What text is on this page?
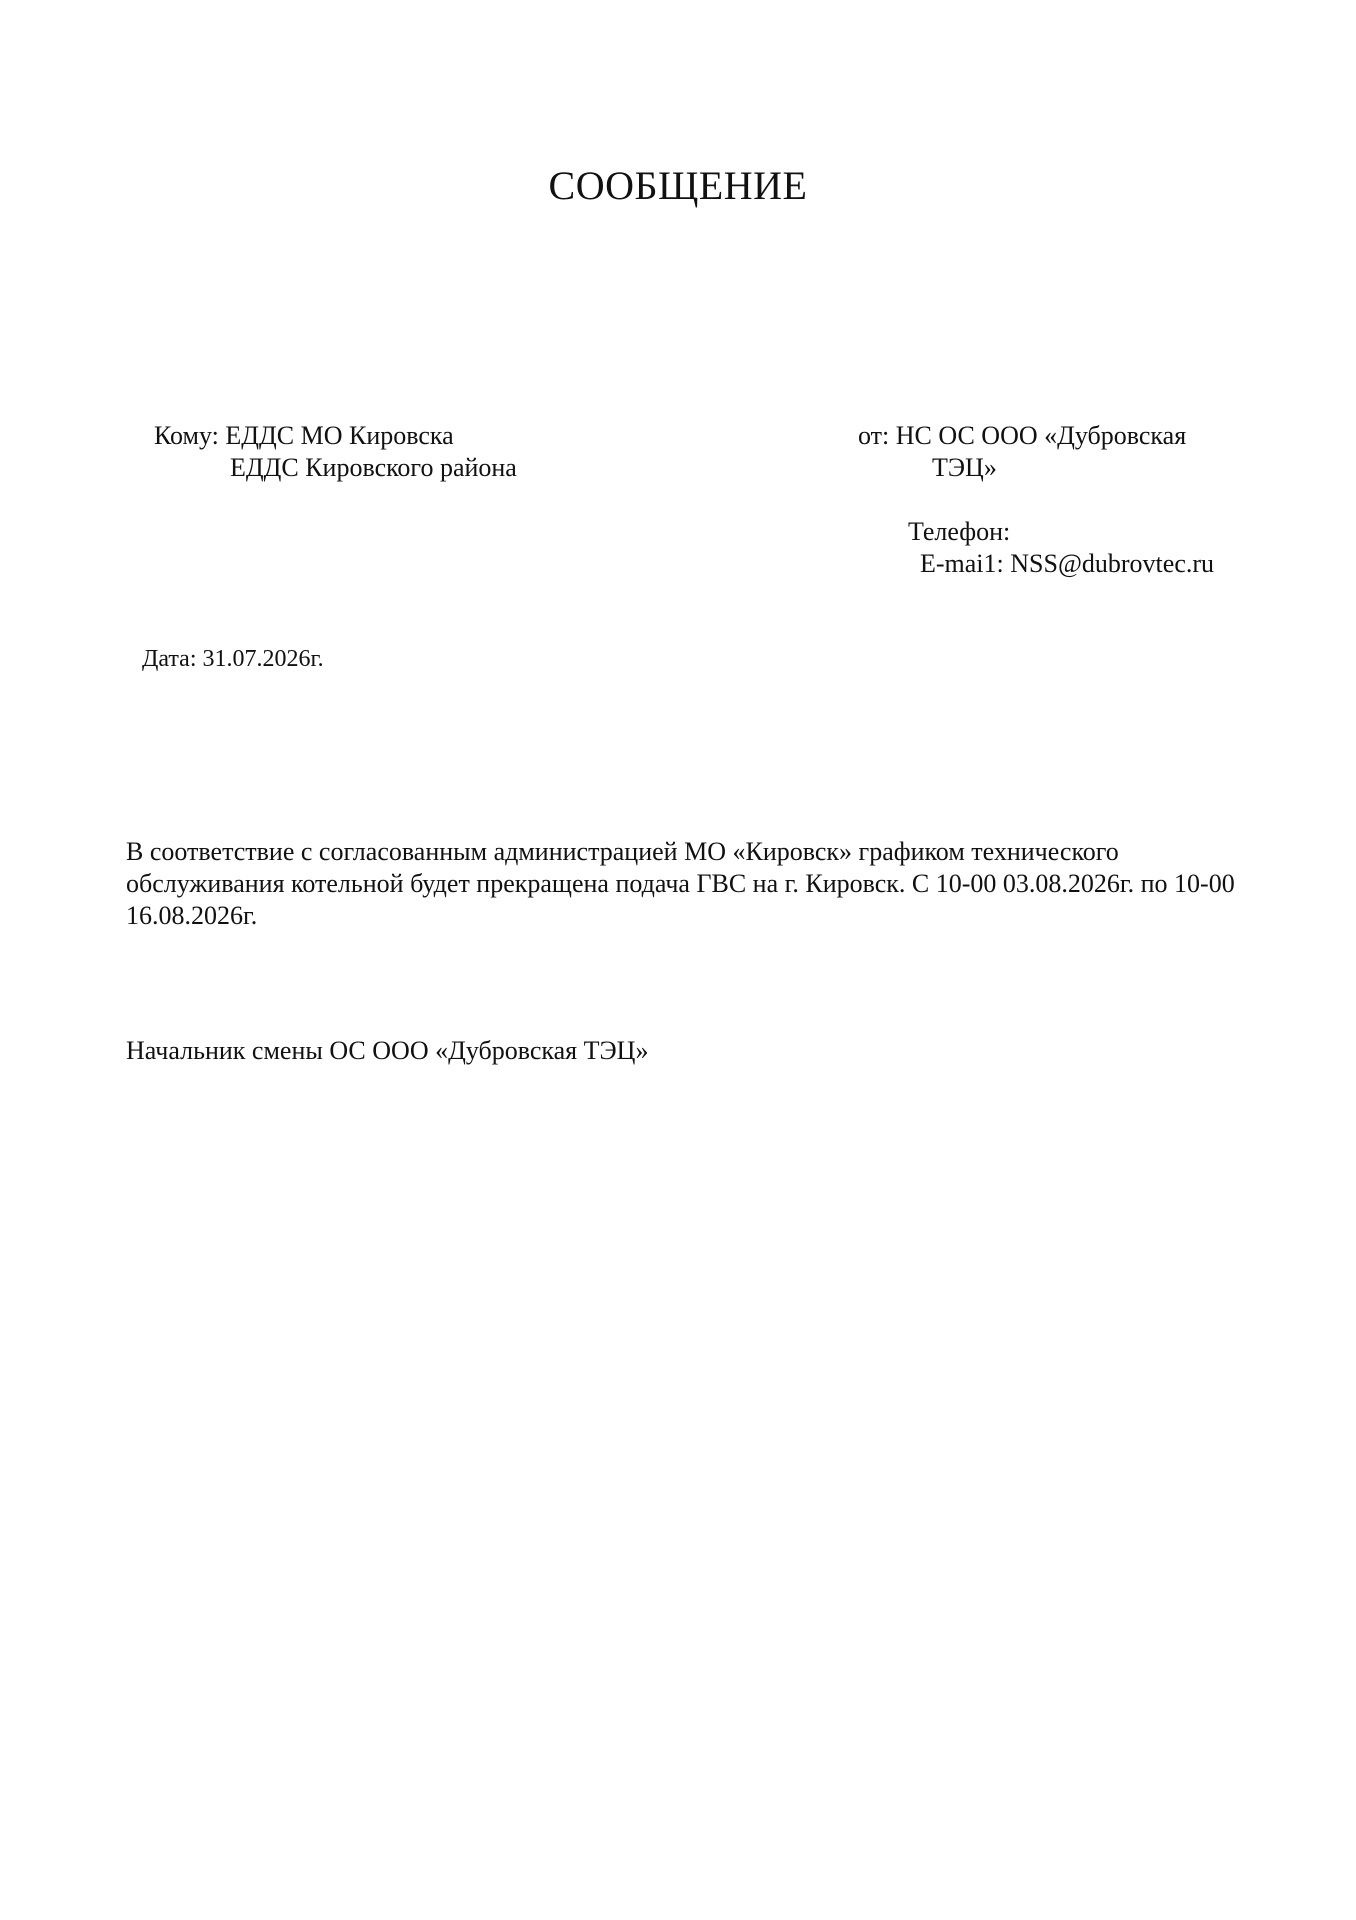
СООБЩЕНИЕ
Кому: ЕДДС МО Кировска
ЕДДС Кировского района
от: НС ОС ООО «Дубровская
ТЭЦ»
Телефон:
E-mai1: NSS@dubrovtec.ru
Дата: 31.07.2026г.
В соответствие с согласованным администрацией МО «Кировск» графиком технического обслуживания котельной будет прекращена подача ГВС на г. Кировск. С 10-00 03.08.2026г. по 10-00 16.08.2026г.
Начальник смены ОС ООО «Дубровская ТЭЦ»
